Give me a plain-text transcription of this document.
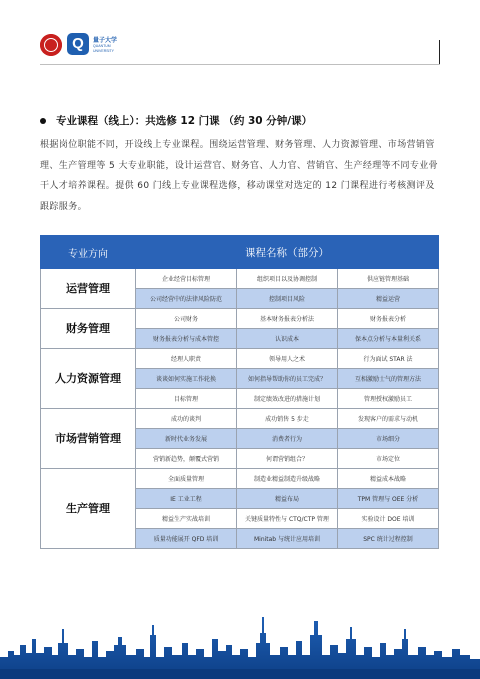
Q	量子大学
QUANTUM UNIVERSITY
专业课程（线上）：共选修 12 门课 （约 30 分钟/课）
根据岗位职能不同，开设线上专业课程。围绕运营管理、财务管理、人力资源管理、市场营销管理、生产管理等 5 大专业职能，设计运营官、财务官、人力官、营销官、生产经理等不同专业骨干人才培养课程。提供 60 门线上专业课程选修，移动课堂对选定的 12 门课程进行考核测评及跟踪服务。
专业方向	课程名称（部分）		
运营管理	企业经营目标管理	组织项目以及协调控制	供应链管理基础
	公司经营中的法律风险防范	控制项目风险	精益运营
财务管理	公司财务	基本财务报表分析法	财务报表分析
	财务报表分析与成本管控	认识成本	保本点分析与本量利关系
人力资源管理	经理人职责	领导用人之术	行为面试 STAR 法
	谈谈如何实施工作轮换	如何指导帮助你的员工完成？	互相激励士气的管理方法
	目标管理	制定绩效改进的措施计划	管理授权激励员工
市场营销管理	成功的谈判	成功销售 5 步走	发现客户的需求与动机
	新时代业务发展	消费者行为	市场细分
	营销新趋势，颠覆式营销	何谓营销组合？	市场定位
生产管理	全面质量管理	制造业精益制造升级战略	精益成本战略
	IE 工业工程	精益布局	TPM 管理与 OEE 分析
	精益生产实战培训	关键质量特性与 CTQ/CTP 管理	实验设计 DOE 培训
	质量功能展开 QFD 培训	Minitab 与统计应用培训	SPC 统计过程控制
